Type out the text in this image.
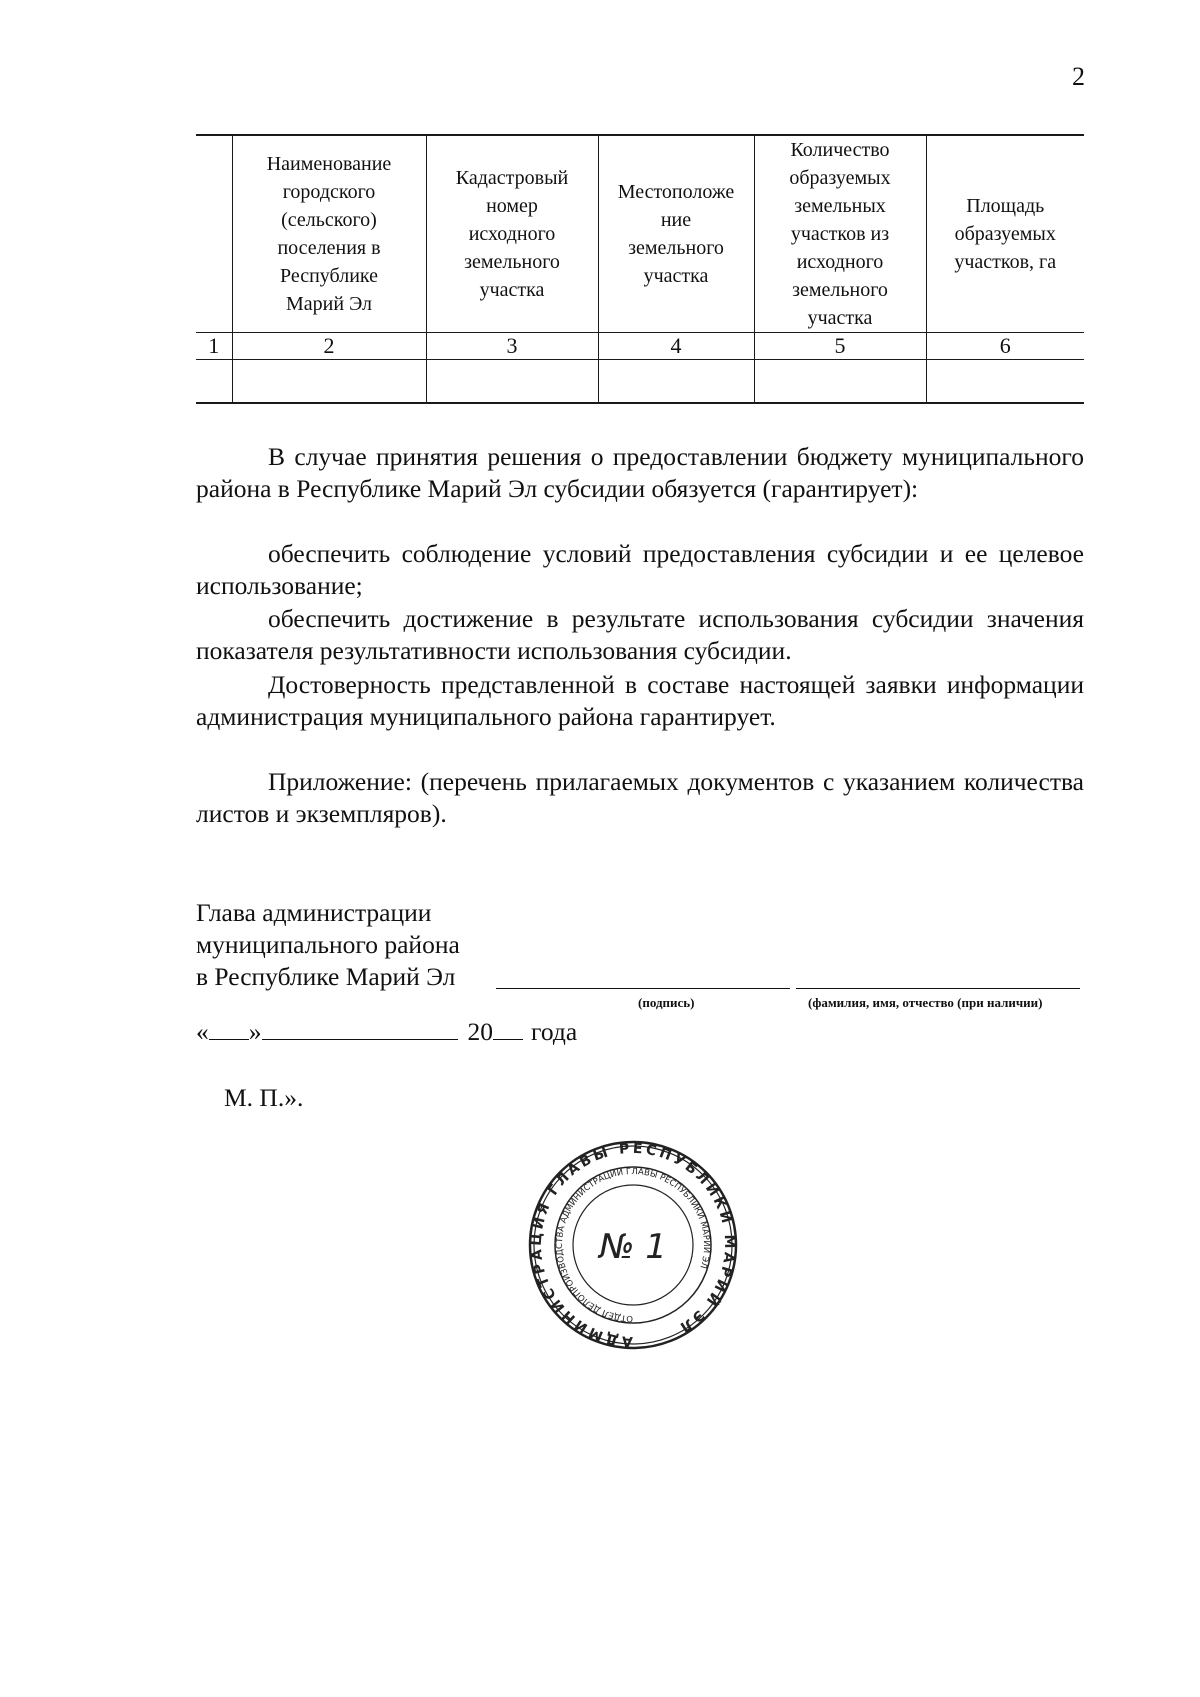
2

	Наименование городского (сельского) поселения в Республике Марий Эл	Кадастровый номер исходного земельного участка	Местоположение земельного участка	Количество образуемых земельных участков из исходного земельного участка	Площадь образуемых участков, га

1	2	3	4	5	6

В случае принятия решения о предоставлении бюджету муниципального района в Республике Марий Эл субсидии обязуется (гарантирует):
обеспечить соблюдение условий предоставления субсидии и ее целевое использование;
обеспечить достижение в результате использования субсидии значения показателя результативности использования субсидии.
Достоверность представленной в составе настоящей заявки информации администрация муниципального района гарантирует.
Приложение: (перечень прилагаемых документов с указанием количества листов и экземпляров).
Глава администрации
муниципального района
в Республике Марий Эл
(подпись)	(фамилия, имя, отчество (при наличии)
« »	20 года
М. П.».
АДМИНИСТРАЦИЯ ГЛАВЫ РЕСПУБЛИКИ МАРИЙ ЭЛ
ОТДЕЛ ДЕЛОПРОИЗВОДСТВА АДМИНИСТРАЦИИ ГЛАВЫ РЕСПУБЛИКИ МАРИЙ ЭЛ
№ 1
